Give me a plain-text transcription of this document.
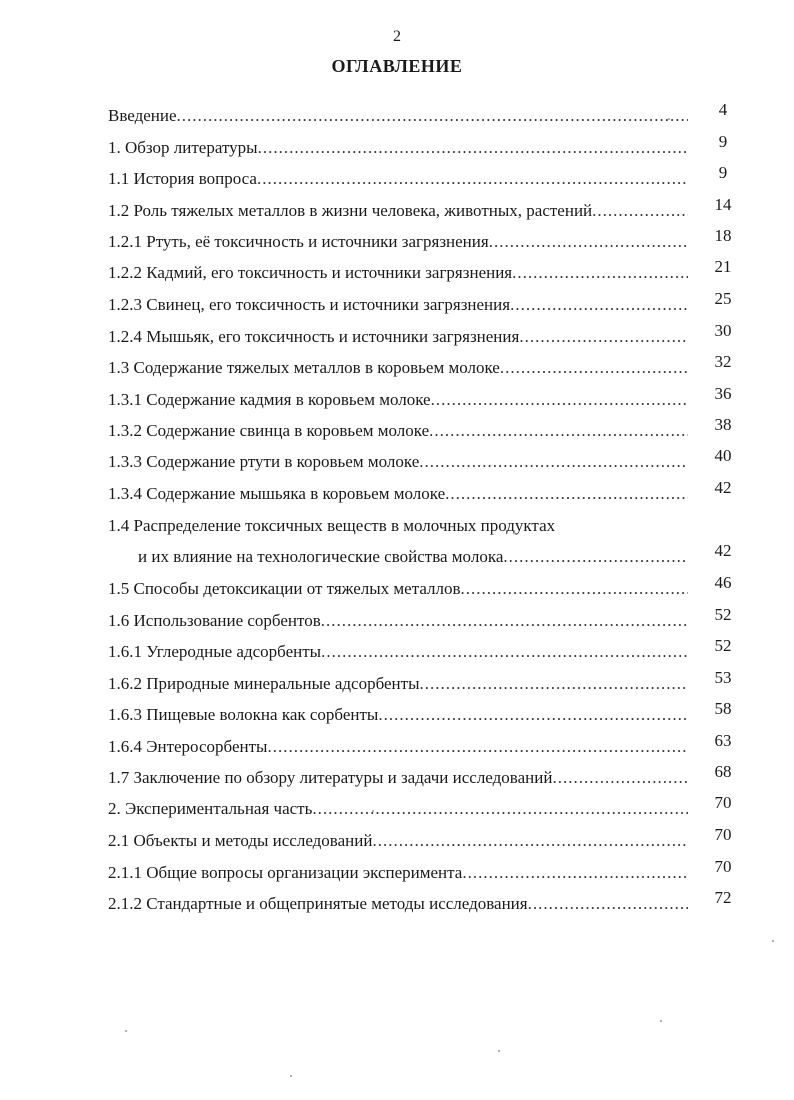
2
ОГЛАВЛЕНИЕ
Введение .....	4
1. Обзор литературы .....	9
1.1 История вопроса .....	9
1.2 Роль тяжелых металлов в жизни человека, животных, растений .....	14
1.2.1 Ртуть, её токсичность и источники загрязнения .....	18
1.2.2 Кадмий, его токсичность и источники загрязнения .....	21
1.2.3 Свинец, его токсичность и источники загрязнения .....	25
1.2.4 Мышьяк, его токсичность и источники загрязнения .....	30
1.3 Содержание тяжелых металлов в коровьем молоке .....	32
1.3.1 Содержание кадмия в коровьем молоке .....	36
1.3.2 Содержание свинца в коровьем молоке .....	38
1.3.3 Содержание ртути в коровьем молоке .....	40
1.3.4 Содержание мышьяка в коровьем молоке .....	42
1.4 Распределение токсичных веществ в молочных продуктах
и их влияние на технологические свойства молока .....	42
1.5 Способы детоксикации от тяжелых металлов .....	46
1.6 Использование сорбентов .....	52
1.6.1 Углеродные адсорбенты .....	52
1.6.2 Природные минеральные адсорбенты .....	53
1.6.3 Пищевые волокна как сорбенты .....	58
1.6.4 Энтеросорбенты .....	63
1.7 Заключение по обзору литературы и задачи исследований .....	68
2. Экспериментальная часть .....	70
2.1 Объекты и методы исследований .....	70
2.1.1 Общие вопросы организации эксперимента .....	70
2.1.2 Стандартные и общепринятые методы исследования .....	72
